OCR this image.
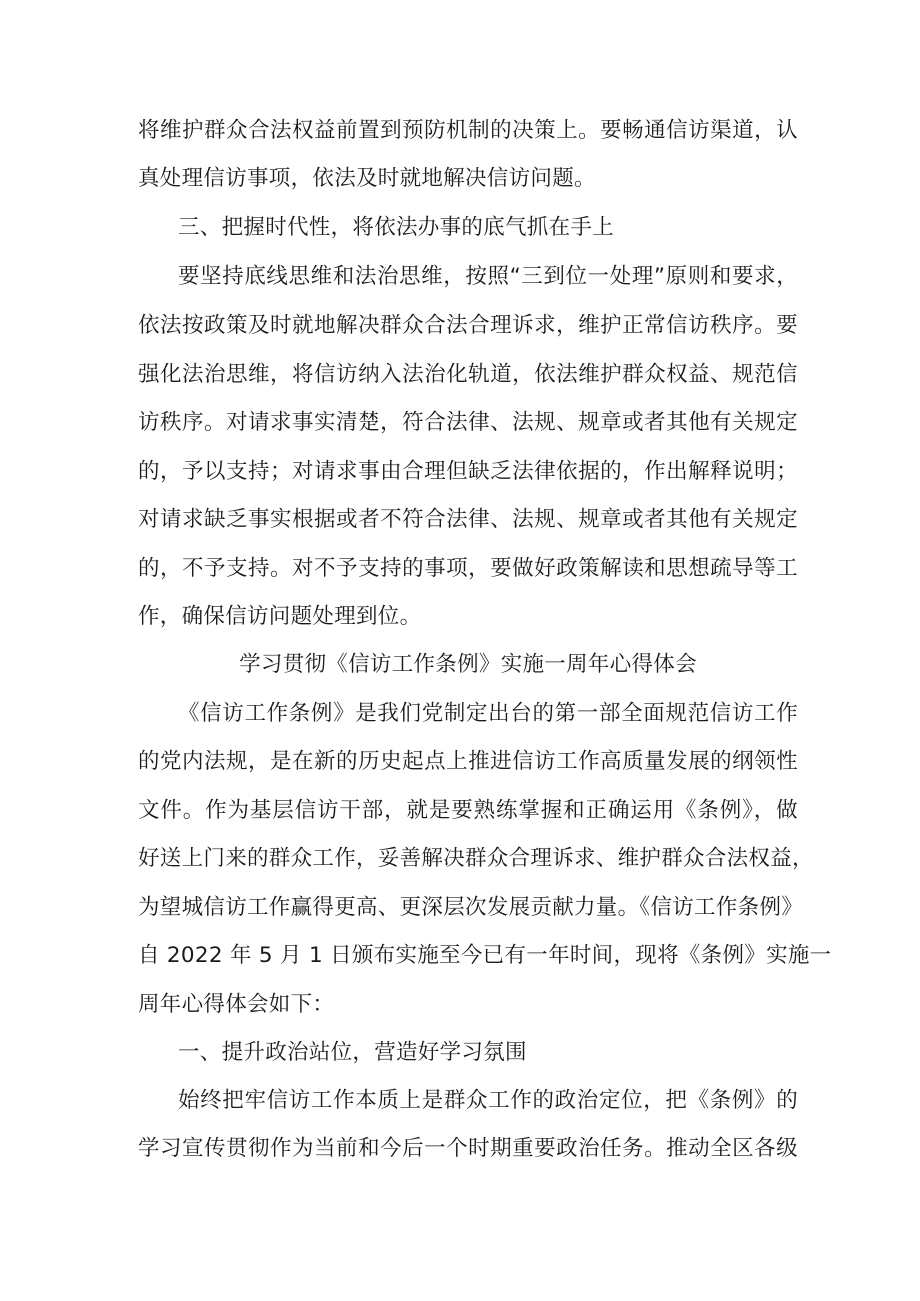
将维护群众合法权益前置到预防机制的决策上。要畅通信访渠道，认
真处理信访事项，依法及时就地解决信访问题。
三、把握时代性，将依法办事的底气抓在手上
要坚持底线思维和法治思维，按照“三到位一处理”原则和要求，
依法按政策及时就地解决群众合法合理诉求，维护正常信访秩序。要
强化法治思维，将信访纳入法治化轨道，依法维护群众权益、规范信
访秩序。对请求事实清楚，符合法律、法规、规章或者其他有关规定
的，予以支持；对请求事由合理但缺乏法律依据的，作出解释说明；
对请求缺乏事实根据或者不符合法律、法规、规章或者其他有关规定
的，不予支持。对不予支持的事项，要做好政策解读和思想疏导等工
作，确保信访问题处理到位。
学习贯彻《信访工作条例》实施一周年心得体会
《信访工作条例》是我们党制定出台的第一部全面规范信访工作
的党内法规，是在新的历史起点上推进信访工作高质量发展的纲领性
文件。作为基层信访干部，就是要熟练掌握和正确运用《条例》，做
好送上门来的群众工作，妥善解决群众合理诉求、维护群众合法权益，
为望城信访工作赢得更高、更深层次发展贡献力量。《信访工作条例》
自 2022 年 5 月 1 日颁布实施至今已有一年时间，现将《条例》实施一
周年心得体会如下：
一、提升政治站位，营造好学习氛围
始终把牢信访工作本质上是群众工作的政治定位，把《条例》的
学习宣传贯彻作为当前和今后一个时期重要政治任务。推动全区各级
